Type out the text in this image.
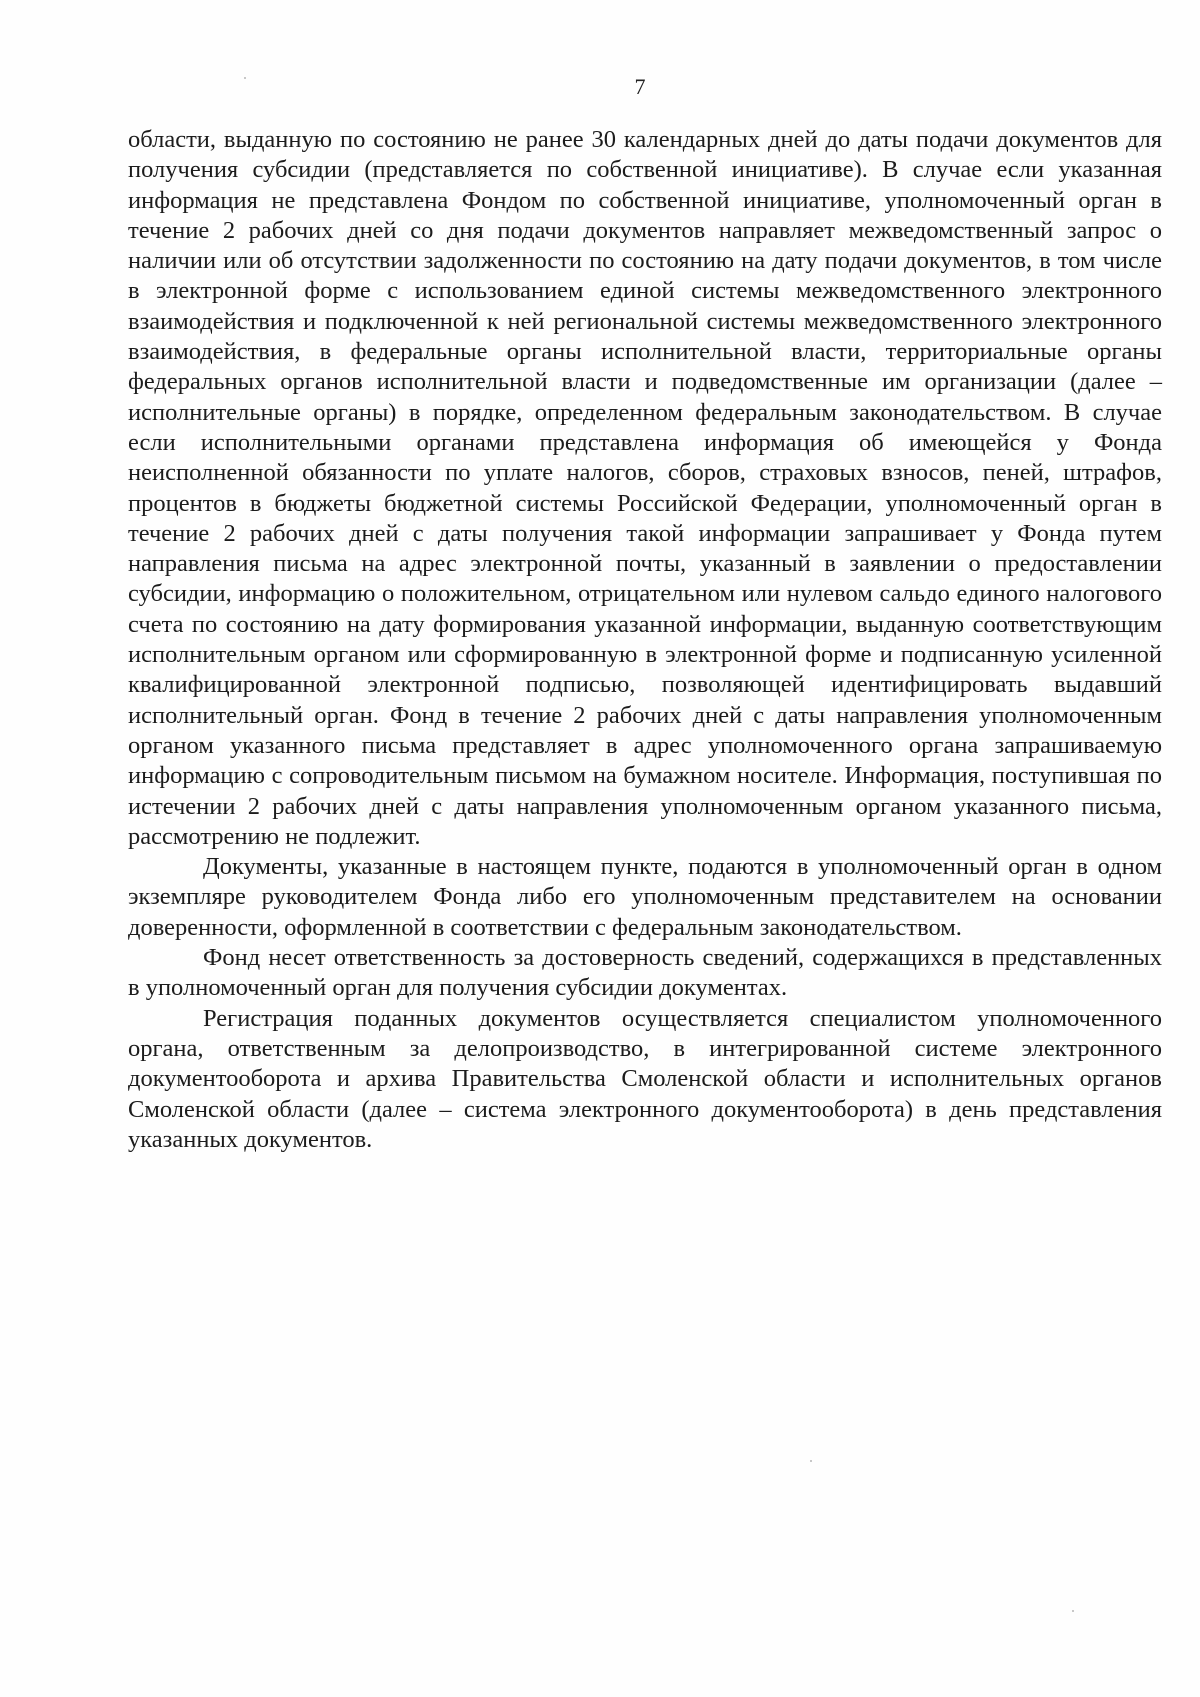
7

области, выданную по состоянию не ранее 30 календарных дней до даты подачи документов для получения субсидии (представляется по собственной инициативе). В случае если указанная информация не представлена Фондом по собственной инициативе, уполномоченный орган в течение 2 рабочих дней со дня подачи документов направляет межведомственный запрос о наличии или об отсутствии задолженности по состоянию на дату подачи документов, в том числе в электронной форме с использованием единой системы межведомственного электронного взаимодействия и подключенной к ней региональной системы межведомственного электронного взаимодействия, в федеральные органы исполнительной власти, территориальные органы федеральных органов исполнительной власти и подведомственные им организации (далее – исполнительные органы) в порядке, определенном федеральным законодательством. В случае если исполнительными органами представлена информация об имеющейся у Фонда неисполненной обязанности по уплате налогов, сборов, страховых взносов, пеней, штрафов, процентов в бюджеты бюджетной системы Российской Федерации, уполномоченный орган в течение 2 рабочих дней с даты получения такой информации запрашивает у Фонда путем направления письма на адрес электронной почты, указанный в заявлении о предоставлении субсидии, информацию о положительном, отрицательном или нулевом сальдо единого налогового счета по состоянию на дату формирования указанной информации, выданную соответствующим исполнительным органом или сформированную в электронной форме и подписанную усиленной квалифицированной электронной подписью, позволяющей идентифицировать выдавший исполнительный орган. Фонд в течение 2 рабочих дней с даты направления уполномоченным органом указанного письма представляет в адрес уполномоченного органа запрашиваемую информацию с сопроводительным письмом на бумажном носителе. Информация, поступившая по истечении 2 рабочих дней с даты направления уполномоченным органом указанного письма, рассмотрению не подлежит.

Документы, указанные в настоящем пункте, подаются в уполномоченный орган в одном экземпляре руководителем Фонда либо его уполномоченным представителем на основании доверенности, оформленной в соответствии с федеральным законодательством.

Фонд несет ответственность за достоверность сведений, содержащихся в представленных в уполномоченный орган для получения субсидии документах.

Регистрация поданных документов осуществляется специалистом уполномоченного органа, ответственным за делопроизводство, в интегрированной системе электронного документооборота и архива Правительства Смоленской области и исполнительных органов Смоленской области (далее – система электронного документооборота) в день представления указанных документов.
